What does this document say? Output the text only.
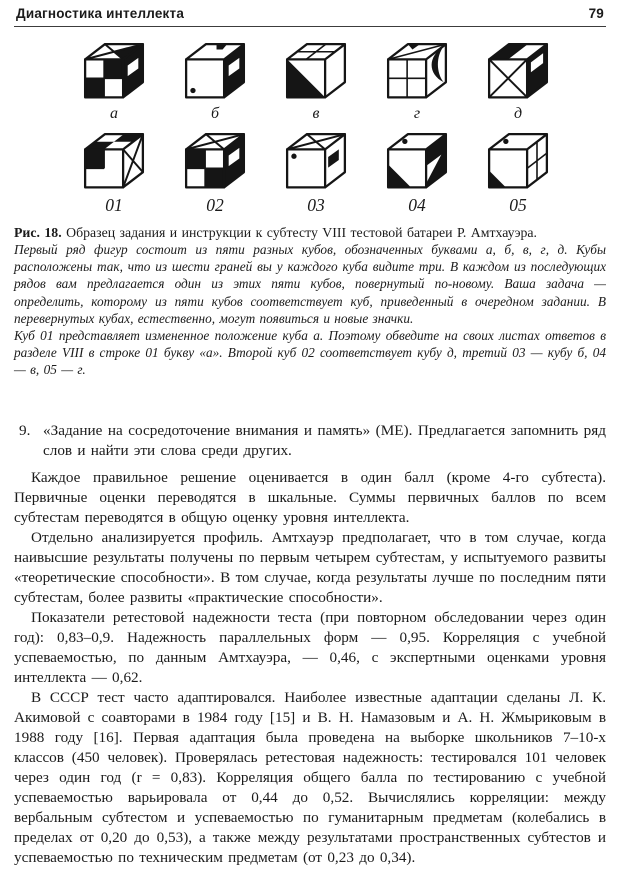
Диагностика интеллекта	79
а	б	в	г	д
01	02	03	04	05

Рис. 18. Образец задания и инструкции к субтесту VIII тестовой батареи Р. Амтхауэра.

Первый ряд фигур состоит из пяти разных кубов, обозначенных буквами а, б, в, г, д. Кубы расположены так, что из шести граней вы у каждого куба видите три. В каждом из последующих рядов вам предлагается один из этих пяти кубов, повернутый по-новому. Ваша задача — определить, которому из пяти кубов соответствует куб, приведенный в очередном задании. В перевернутых кубах, естественно, могут появиться и новые значки.

Куб 01 представляет измененное положение куба а. Поэтому обведите на своих листах ответов в разделе VIII в строке 01 букву «а». Второй куб 02 соответствует кубу д, третий 03 — кубу б, 04 — в, 05 — г.

9. «Задание на сосредоточение внимания и память» (ME). Предлагается запомнить ряд слов и найти эти слова среди других.

Каждое правильное решение оценивается в один балл (кроме 4-го субтеста). Первичные оценки переводятся в шкальные. Суммы первичных баллов по всем субтестам переводятся в общую оценку уровня интеллекта.

Отдельно анализируется профиль. Амтхауэр предполагает, что в том случае, когда наивысшие результаты получены по первым четырем субтестам, у испытуемого развиты «теоретические способности». В том случае, когда результаты лучше по последним пяти субтестам, более развиты «практические способности».

Показатели ретестовой надежности теста (при повторном обследовании через один год): 0,83–0,9. Надежность параллельных форм — 0,95. Корреляция с учебной успеваемостью, по данным Амтхауэра, — 0,46, с экспертными оценками уровня интеллекта — 0,62.

В СССР тест часто адаптировался. Наиболее известные адаптации сделаны Л. К. Акимовой с соавторами в 1984 году [15] и В. Н. Намазовым и А. Н. Жмыриковым в 1988 году [16]. Первая адаптация была проведена на выборке школьников 7–10-х классов (450 человек). Проверялась ретестовая надежность: тестировался 101 человек через один год (r = 0,83). Корреляция общего балла по тестированию с учебной успеваемостью варьировала от 0,44 до 0,52. Вычислялись корреляции: между вербальным субтестом и успеваемостью по гуманитарным предметам (колебались в пределах от 0,20 до 0,53), а также между результатами пространственных субтестов и успеваемостью по техническим предметам (от 0,23 до 0,34).
